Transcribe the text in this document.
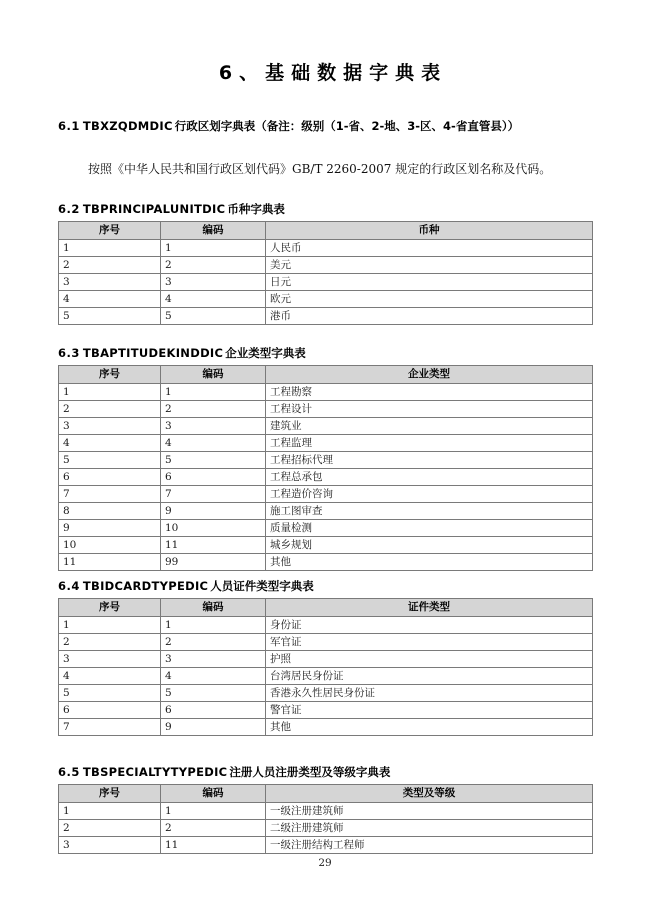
6、基础数据字典表
6.1 TBXZQDMDIC 行政区划字典表（备注：级别（1-省、2-地、3-区、4-省直管县））
按照《中华人民共和国行政区划代码》GB/T 2260-2007 规定的行政区划名称及代码。
6.2 TBPRINCIPALUNITDIC 币种字典表
序号	编码	币种
1	1	人民币
2	2	美元
3	3	日元
4	4	欧元
5	5	港币
6.3 TBAPTITUDEKINDDIC 企业类型字典表
序号	编码	企业类型
1	1	工程勘察
2	2	工程设计
3	3	建筑业
4	4	工程监理
5	5	工程招标代理
6	6	工程总承包
7	7	工程造价咨询
8	9	施工图审查
9	10	质量检测
10	11	城乡规划
11	99	其他
6.4 TBIDCARDTYPEDIC 人员证件类型字典表
序号	编码	证件类型
1	1	身份证
2	2	军官证
3	3	护照
4	4	台湾居民身份证
5	5	香港永久性居民身份证
6	6	警官证
7	9	其他
6.5 TBSPECIALTYTYPEDIC 注册人员注册类型及等级字典表
序号	编码	类型及等级
1	1	一级注册建筑师
2	2	二级注册建筑师
3	11	一级注册结构工程师
29
